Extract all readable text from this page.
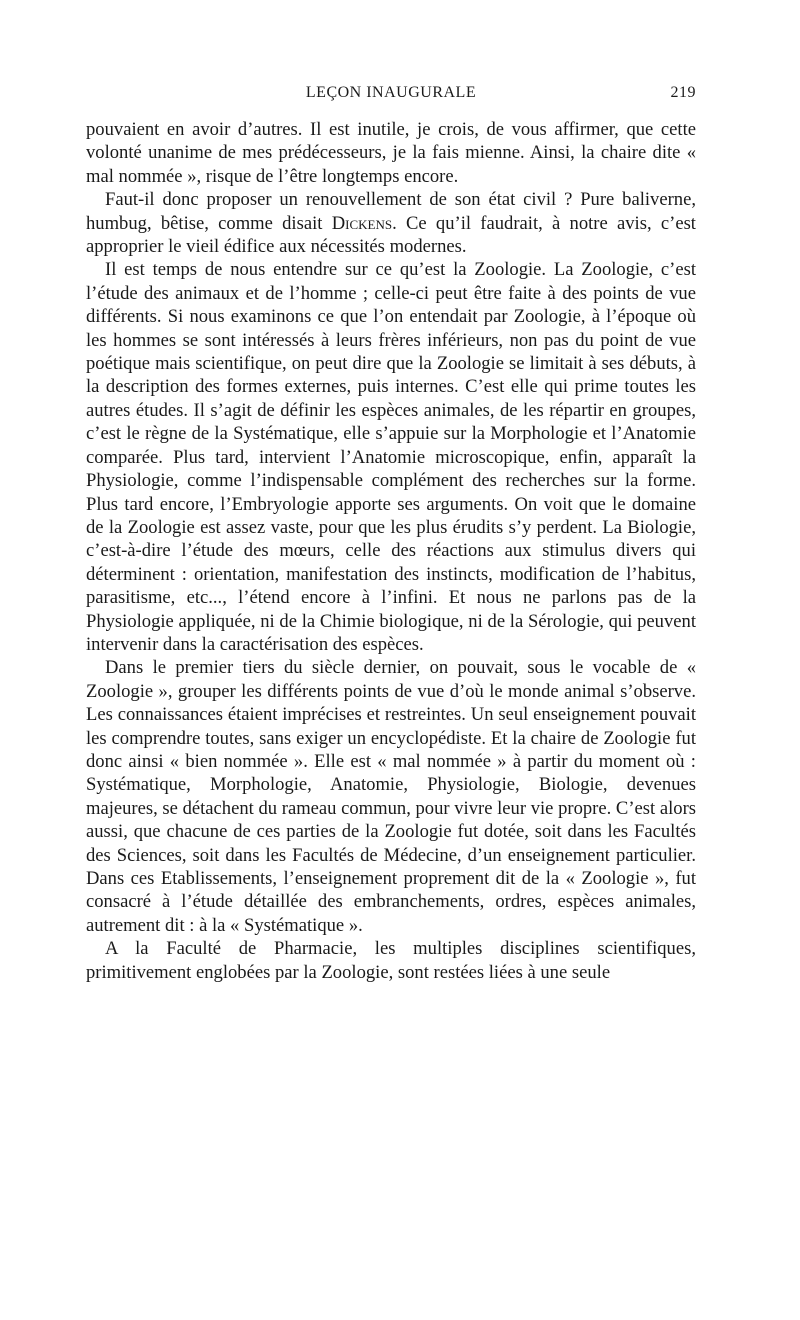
LEÇON INAUGURALE	219

pouvaient en avoir d’autres. Il est inutile, je crois, de vous affirmer, que cette volonté unanime de mes prédécesseurs, je la fais mienne. Ainsi, la chaire dite « mal nommée », risque de l’être longtemps encore.

Faut-il donc proposer un renouvellement de son état civil ? Pure baliverne, humbug, bêtise, comme disait Dickens. Ce qu’il faudrait, à notre avis, c’est approprier le vieil édifice aux nécessités modernes.

Il est temps de nous entendre sur ce qu’est la Zoologie. La Zoologie, c’est l’étude des animaux et de l’homme ; celle-ci peut être faite à des points de vue différents. Si nous examinons ce que l’on entendait par Zoologie, à l’époque où les hommes se sont intéressés à leurs frères inférieurs, non pas du point de vue poétique mais scientifique, on peut dire que la Zoologie se limitait à ses débuts, à la description des formes externes, puis internes. C’est elle qui prime toutes les autres études. Il s’agit de définir les espèces animales, de les répartir en groupes, c’est le règne de la Systématique, elle s’appuie sur la Morphologie et l’Anatomie comparée. Plus tard, intervient l’Anatomie microscopique, enfin, apparaît la Physiologie, comme l’indispensable complément des recherches sur la forme. Plus tard encore, l’Embryologie apporte ses arguments. On voit que le domaine de la Zoologie est assez vaste, pour que les plus érudits s’y perdent. La Biologie, c’est-à-dire l’étude des mœurs, celle des réactions aux stimulus divers qui déterminent : orientation, manifestation des instincts, modification de l’habitus, parasitisme, etc..., l’étend encore à l’infini. Et nous ne parlons pas de la Physiologie appliquée, ni de la Chimie biologique, ni de la Sérologie, qui peuvent intervenir dans la caractérisation des espèces.

Dans le premier tiers du siècle dernier, on pouvait, sous le vocable de « Zoologie », grouper les différents points de vue d’où le monde animal s’observe. Les connaissances étaient imprécises et restreintes. Un seul enseignement pouvait les comprendre toutes, sans exiger un encyclopédiste. Et la chaire de Zoologie fut donc ainsi « bien nommée ». Elle est « mal nommée » à partir du moment où : Systématique, Morphologie, Anatomie, Physiologie, Biologie, devenues majeures, se détachent du rameau commun, pour vivre leur vie propre. C’est alors aussi, que chacune de ces parties de la Zoologie fut dotée, soit dans les Facultés des Sciences, soit dans les Facultés de Médecine, d’un enseignement particulier. Dans ces Etablissements, l’enseignement proprement dit de la « Zoologie », fut consacré à l’étude détaillée des embranchements, ordres, espèces animales, autrement dit : à la « Systématique ».

A la Faculté de Pharmacie, les multiples disciplines scientifiques, primitivement englobées par la Zoologie, sont restées liées à une seule
